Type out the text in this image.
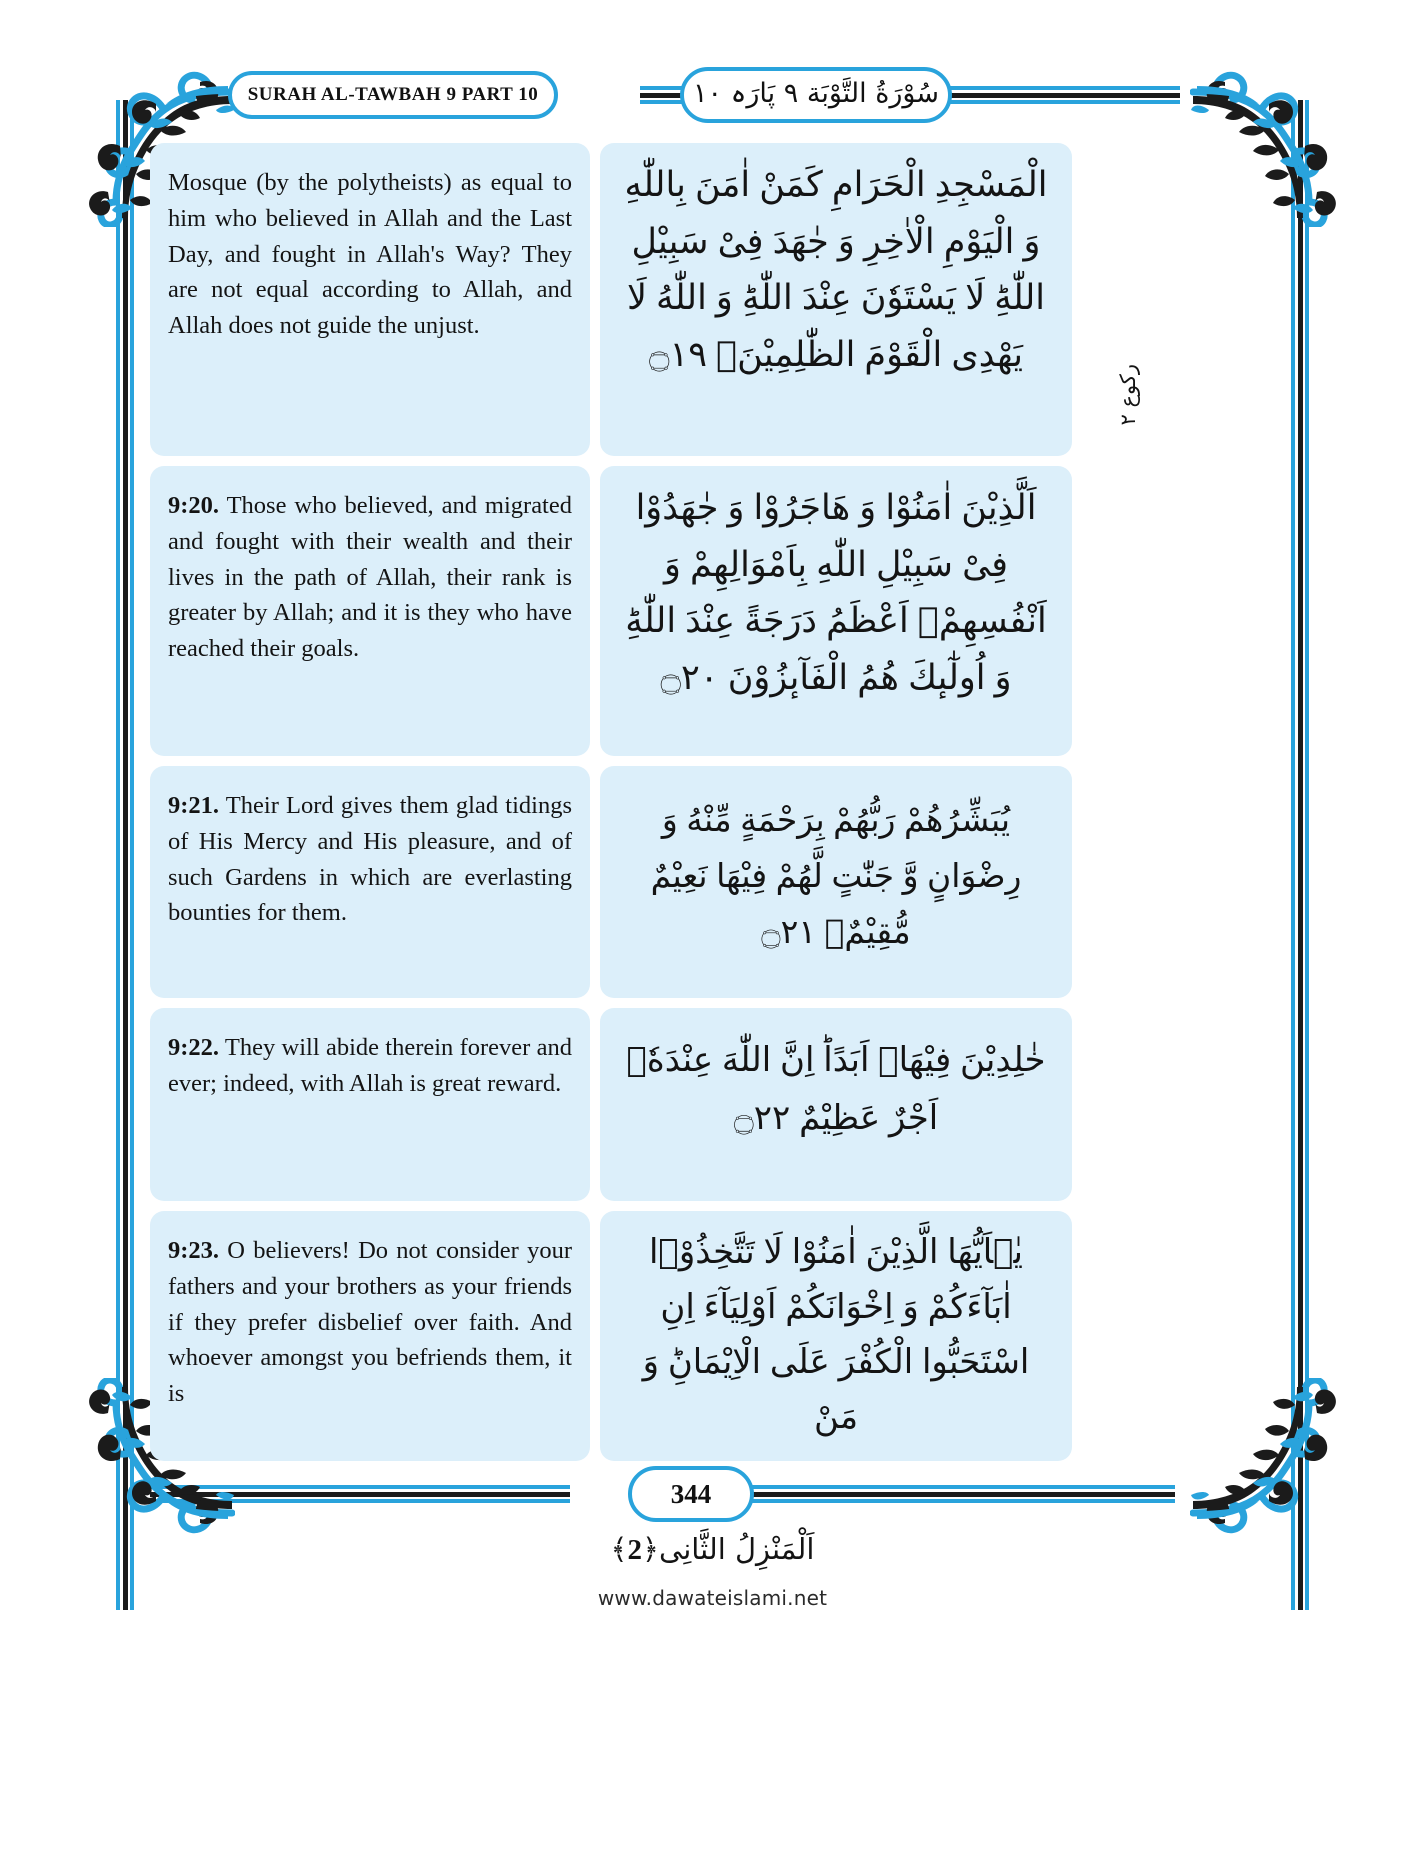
SURAH AL-TAWBAH 9 PART 10	سُوْرَةُ التَّوْبَة ۹ پَارَہ ۱۰
رکوع ۲
Mosque (by the polytheists) as equal to him who believed in Allah and the Last Day, and fought in Allah's Way? They are not equal according to Allah, and Allah does not guide the unjust.
الْمَسْجِدِ الْحَرَامِ كَمَنْ اٰمَنَ بِاللّٰهِ وَ الْيَوْمِ الْاٰخِرِ وَ جٰهَدَ فِیْ سَبِیْلِ اللّٰهِؕ لَا یَسْتَوٗنَ عِنْدَ اللّٰهِؕ وَ اللّٰهُ لَا یَهْدِی الْقَوْمَ الظّٰلِمِیْنَ۠ ۝۱۹
9:20. Those who believed, and migrated and fought with their wealth and their lives in the path of Allah, their rank is greater by Allah; and it is they who have reached their goals.
اَلَّذِیْنَ اٰمَنُوْا وَ هَاجَرُوْا وَ جٰهَدُوْا فِیْ سَبِیْلِ اللّٰهِ بِاَمْوَالِهِمْ وَ اَنْفُسِهِمْۙ اَعْظَمُ دَرَجَةً عِنْدَ اللّٰهِؕ وَ اُولٰٓىٕكَ هُمُ الْفَآىٕزُوْنَ ۝۲۰
9:21. Their Lord gives them glad tidings of His Mercy and His pleasure, and of such Gardens in which are everlasting bounties for them.
یُبَشِّرُهُمْ رَبُّهُمْ بِرَحْمَةٍ مِّنْهُ وَ رِضْوَانٍ وَّ جَنّٰتٍ لَّهُمْ فِیْهَا نَعِیْمٌ مُّقِیْمٌۙ ۝۲۱
9:22. They will abide therein forever and ever; indeed, with Allah is great reward.
خٰلِدِیْنَ فِیْهَاۤ اَبَدًاؕ اِنَّ اللّٰهَ عِنْدَهٗۤ اَجْرٌ عَظِیْمٌ ۝۲۲
9:23. O believers! Do not consider your fathers and your brothers as your friends if they prefer disbelief over faith. And whoever amongst you befriends them, it is
یٰۤاَیُّهَا الَّذِیْنَ اٰمَنُوْا لَا تَتَّخِذُوْۤا اٰبَآءَكُمْ وَ اِخْوَانَكُمْ اَوْلِیَآءَ اِنِ اسْتَحَبُّوا الْكُفْرَ عَلَى الْاِیْمَانِؕ وَ مَنْ
344
اَلْمَنْزِلُ الثَّانِی﴿2﴾
www.dawateislami.net
